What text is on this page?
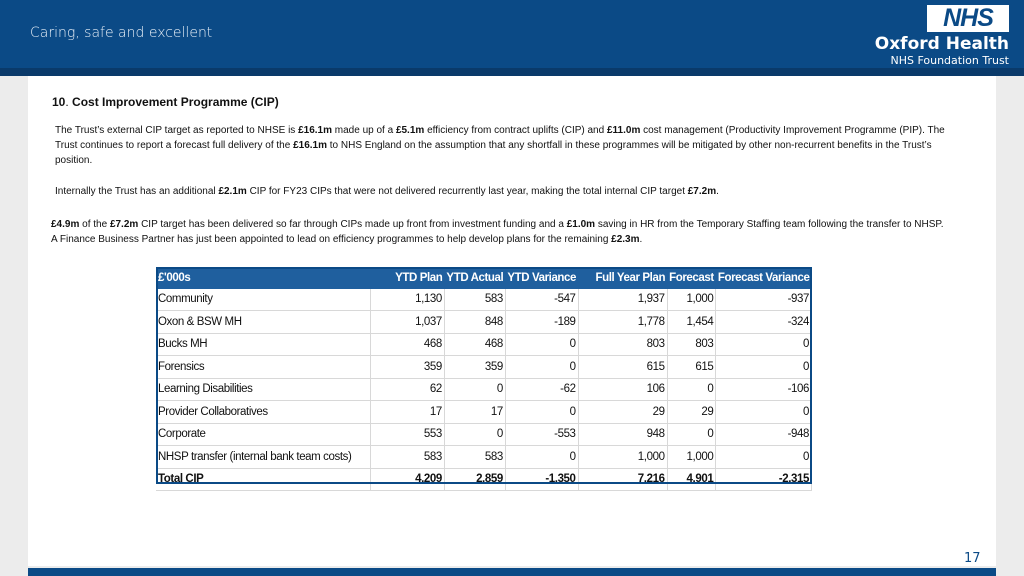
Caring, safe and excellent
NHS
Oxford Health
NHS Foundation Trust
10. Cost Improvement Programme (CIP)
The Trust’s external CIP target as reported to NHSE is £16.1m made up of a £5.1m efficiency from contract uplifts (CIP) and £11.0m cost management (Productivity Improvement Programme (PIP). The Trust continues to report a forecast full delivery of the £16.1m to NHS England on the assumption that any shortfall in these programmes will be mitigated by other non-recurrent benefits in the Trust’s position.
Internally the Trust has an additional £2.1m CIP for FY23 CIPs that were not delivered recurrently last year, making the total internal CIP target £7.2m.
£4.9m of the £7.2m CIP target has been delivered so far through CIPs made up front from investment funding and a £1.0m saving in HR from the Temporary Staffing team following the transfer to NHSP. A Finance Business Partner has just been appointed to lead on efficiency programmes to help develop plans for the remaining £2.3m.
£'000s	YTD Plan	YTD Actual	YTD Variance	Full Year Plan	Forecast	Forecast Variance
Community	1,130	583	-547	1,937	1,000	-937
Oxon & BSW MH	1,037	848	-189	1,778	1,454	-324
Bucks MH	468	468	0	803	803	0
Forensics	359	359	0	615	615	0
Learning Disabilities	62	0	-62	106	0	-106
Provider Collaboratives	17	17	0	29	29	0
Corporate	553	0	-553	948	0	-948
NHSP transfer (internal bank team costs)	583	583	0	1,000	1,000	0
Total CIP	4,209	2,859	-1,350	7,216	4,901	-2,315
17
